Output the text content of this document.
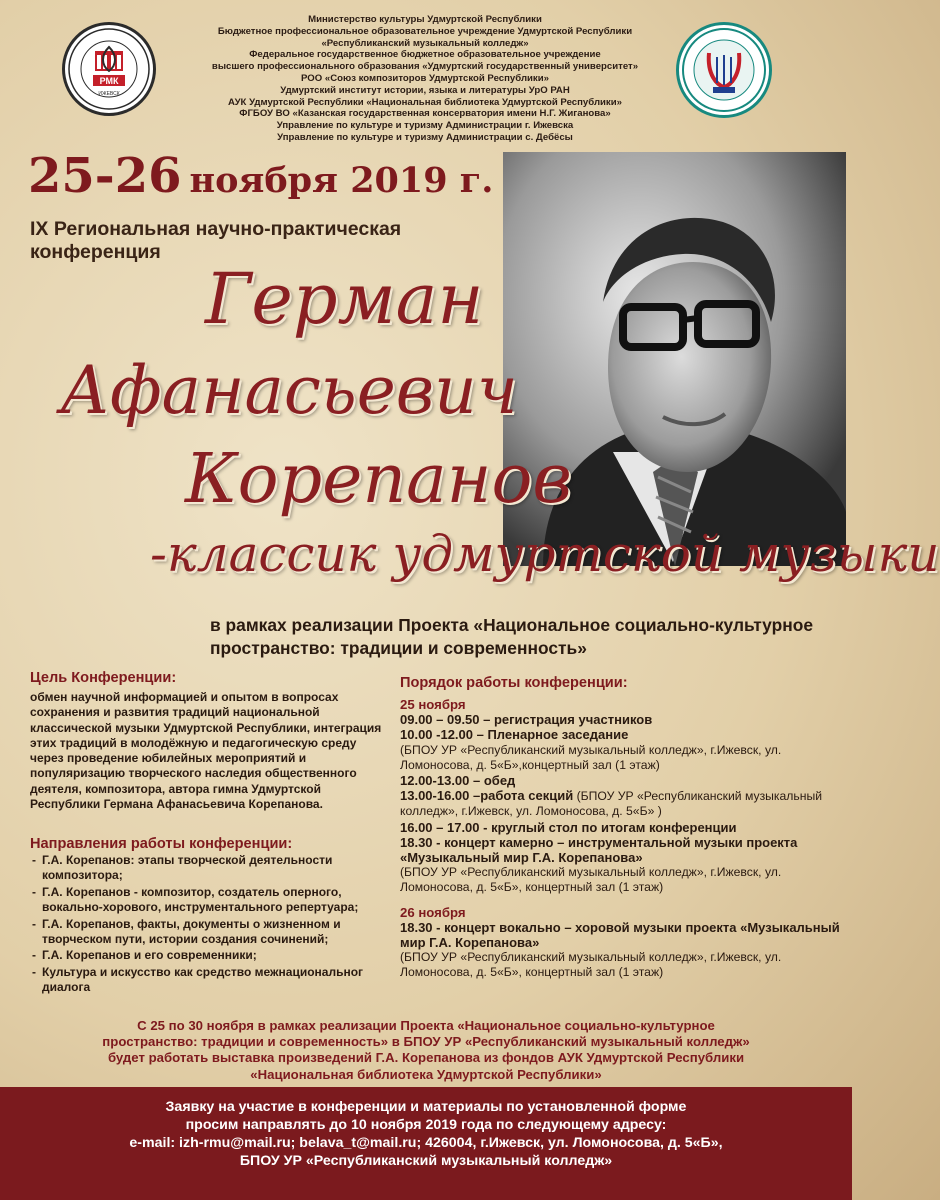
Министерство культуры Удмуртской Республики
Бюджетное профессиональное образовательное учреждение Удмуртской Республики
«Республиканский музыкальный колледж»
Федеральное государственное бюджетное образовательное учреждение
высшего профессионального образования «Удмуртский государственный университет»
РОО «Союз композиторов Удмуртской Республики»
Удмуртский институт истории, языка и литературы УрО РАН
АУК Удмуртской Республики «Национальная библиотека Удмуртской Республики»
ФГБОУ ВО «Казанская государственная консерватория имени Н.Г. Жиганова»
Управление по культуре и туризму Администрации г. Ижевска
Управление по культуре и туризму Администрации с. Дебёсы
РМК
ИЖЕВСК
25-26 ноября 2019 г.
IX Региональная научно-практическая конференция
Герман
Афанасьевич
Корепанов
-классик удмуртской музыки
в рамках реализации Проекта «Национальное социально-культурное пространство: традиции и современность»
Цель Конференции:
обмен научной информацией и опытом в вопросах сохранения и развития традиций национальной классической музыки Удмуртской Республики, интеграция этих традиций в молодёжную и педагогическую среду через проведение юбилейных мероприятий и популяризацию творческого наследия общественного деятеля, композитора, автора гимна Удмуртской Республики Германа Афанасьевича Корепанова.
Направления работы конференции:
- Г.А. Корепанов: этапы творческой деятельности композитора;
- Г.А. Корепанов - композитор, создатель оперного, вокально-хорового, инструментального репертуара;
- Г.А. Корепанов, факты, документы о жизненном и творческом пути, истории создания сочинений;
- Г.А. Корепанов и его современники;
- Культура и искусство как средство межнациональног диалога
Порядок работы конференции:
25 ноября
09.00 – 09.50 – регистрация участников
10.00 -12.00 – Пленарное заседание
(БПОУ УР «Республиканский музыкальный колледж», г.Ижевск, ул. Ломоносова, д. 5«Б»,концертный зал (1 этаж)
12.00-13.00 – обед
13.00-16.00 –работа секций (БПОУ УР «Республиканский музыкальный колледж», г.Ижевск, ул. Ломоносова, д. 5«Б» )
16.00 – 17.00 - круглый стол по итогам конференции
18.30 - концерт камерно – инструментальной музыки проекта «Музыкальный мир Г.А. Корепанова»
(БПОУ УР «Республиканский музыкальный колледж», г.Ижевск, ул. Ломоносова, д. 5«Б», концертный зал (1 этаж)
26 ноября
18.30 - концерт вокально – хоровой музыки проекта «Музыкальный мир Г.А. Корепанова»
(БПОУ УР «Республиканский музыкальный колледж», г.Ижевск, ул. Ломоносова, д. 5«Б», концертный зал (1 этаж)
С 25 по 30 ноября в рамках реализации Проекта «Национальное социально-культурное
пространство: традиции и современность» в БПОУ УР «Республиканский музыкальный колледж»
будет работать выставка произведений Г.А. Корепанова из фондов АУК Удмуртской Республики
«Национальная библиотека Удмуртской Республики»
Заявку на участие в конференции и материалы по установленной форме
просим направлять до 10 ноября 2019 года по следующему адресу:
e-mail: izh-rmu@mail.ru; belava_t@mail.ru; 426004, г.Ижевск, ул. Ломоносова, д. 5«Б»,
БПОУ УР «Республиканский музыкальный колледж»
